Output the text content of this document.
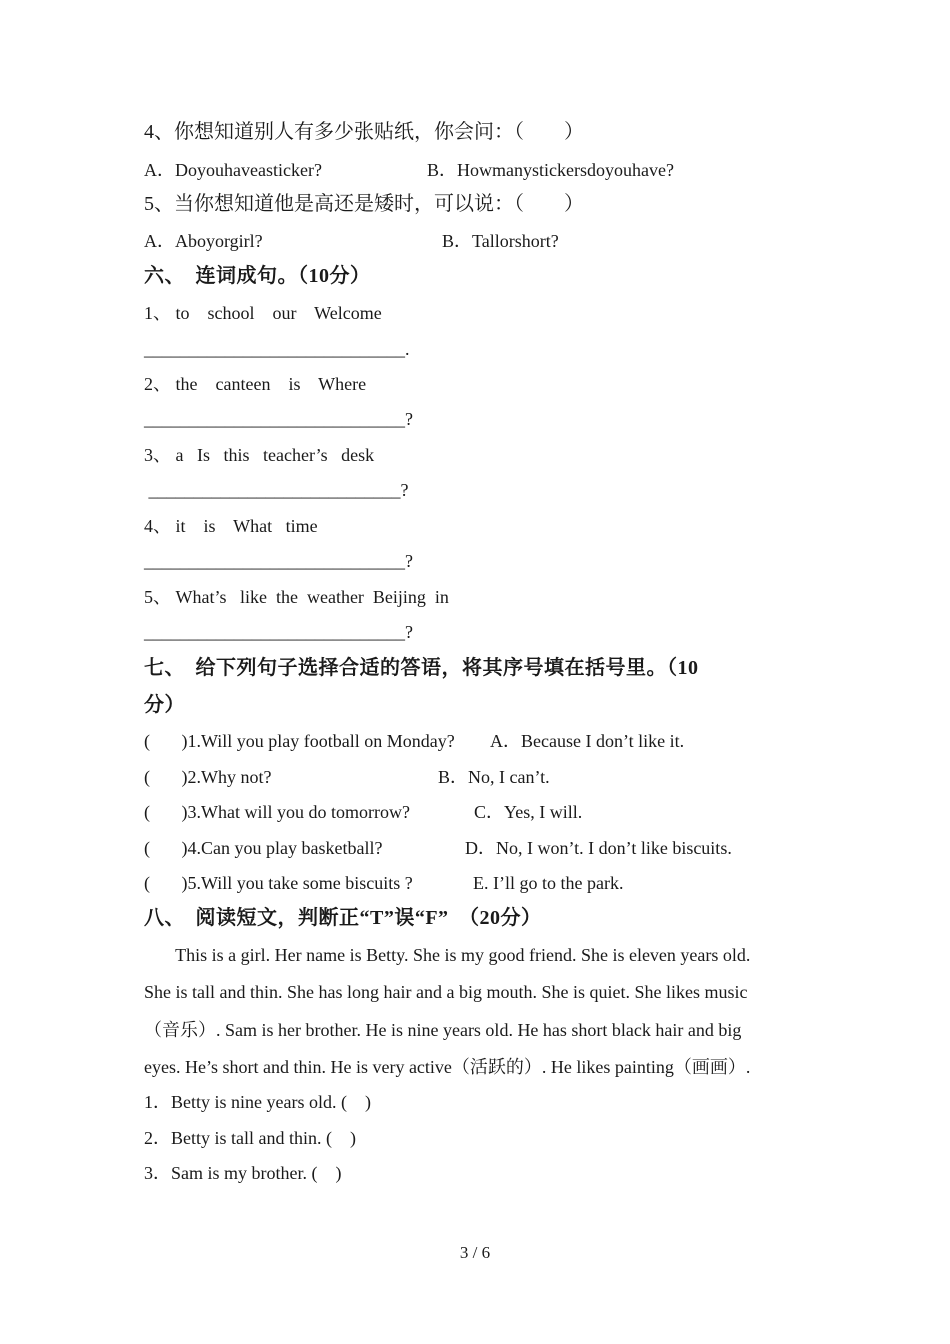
4、你想知道别人有多少张贴纸，你会问：（　　）
A．Doyouhaveasticker?	B．Howmanystickersdoyouhave?
5、当你想知道他是高还是矮时，可以说：（　　）
A．Aboyorgirl?	B．Tallorshort?
六、　连词成句。（10分）
1、 to    school    our    Welcome
_____________________________.
2、 the    canteen    is    Where
_____________________________?
3、 a   Is   this   teacher’s   desk
____________________________?
4、 it    is    What   time
_____________________________?
5、 What’s   like  the  weather  Beijing  in
_____________________________?
七、　给下列句子选择合适的答语，将其序号填在括号里。（10
分）
(       )1.Will you play football on Monday? A．Because I don’t like it.
(       )2.Why not?	B．No, I can’t.
(       )3.What will you do tomorrow?	C．Yes, I will.
(       )4.Can you play basketball?	D．No, I won’t. I don’t like biscuits.
(       )5.Will you take some biscuits ?	E. I’ll go to the park.
八、　阅读短文，判断正“T”误“F”　（20分）
This is a girl. Her name is Betty. She is my good friend. She is eleven years old.
She is tall and thin. She has long hair and a big mouth. She is quiet. She likes music
（音乐）. Sam is her brother. He is nine years old. He has short black hair and big
eyes. He’s short and thin. He is very active（活跃的）. He likes painting（画画）.
1．Betty is nine years old. (    )
2．Betty is tall and thin. (    )
3．Sam is my brother. (    )
3 / 6
